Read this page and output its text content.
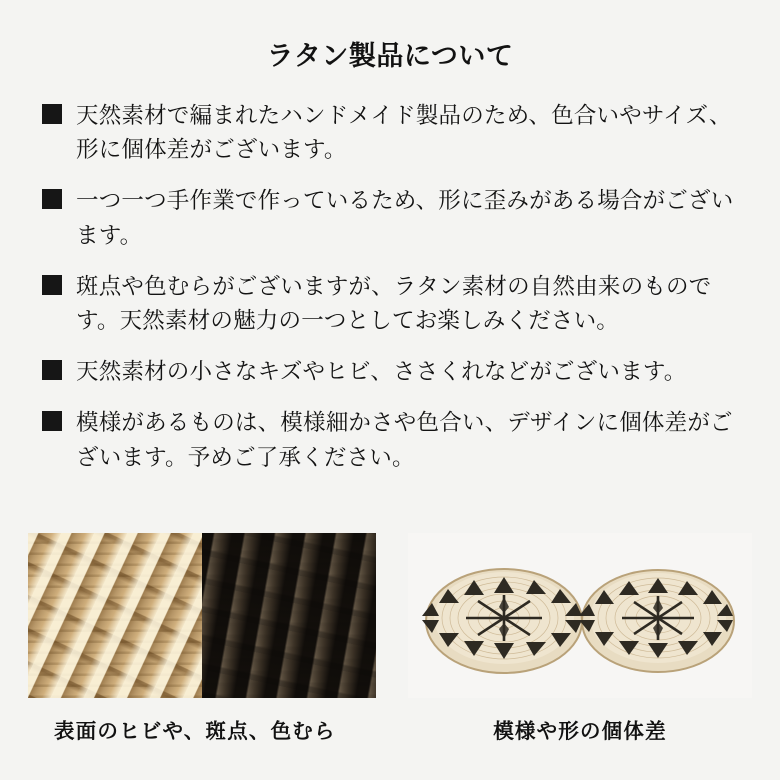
ラタン製品について
天然素材で編まれたハンドメイド製品のため、色合いやサイズ、形に個体差がございます。
一つ一つ手作業で作っているため、形に歪みがある場合がございます。
斑点や色むらがございますが、ラタン素材の自然由来のものです。天然素材の魅力の一つとしてお楽しみください。
天然素材の小さなキズやヒビ、ささくれなどがございます。
模様があるものは、模様細かさや色合い、デザインに個体差がございます。予めご了承ください。
表面のヒビや、斑点、色むら	模様や形の個体差
